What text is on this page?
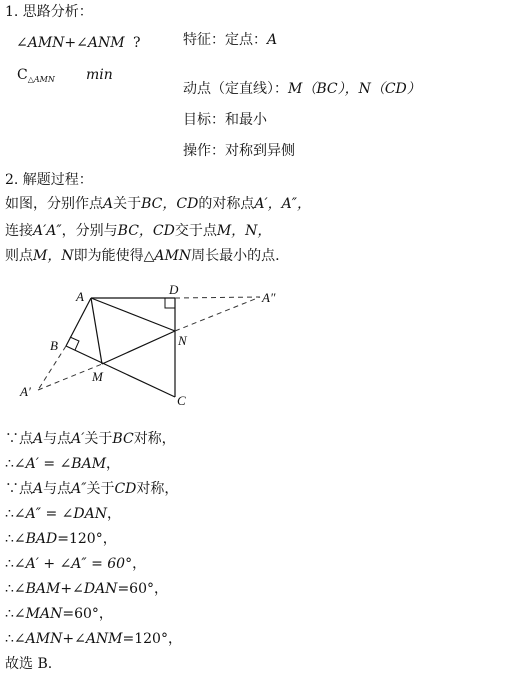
1. 思路分析：
∠AMN+∠ANM ?
$C_{\triangle AMN}$ min
特征：定点：A
动点（定直线）：M（BC），N（CD）
目标：和最小
操作：对称到异侧
2. 解题过程：
如图，分别作点A关于BC，CD的对称点A′，A″，
连接A′A″，分别与BC，CD交于点M，N，
则点M，N即为能使得△AMN周长最小的点.
A	D
A″
B	N
A′
M
C
∵点A与点A′关于BC对称，
∴∠A′ = ∠BAM，
∵点A与点A″关于CD对称，
∴∠A″ = ∠DAN，
∴∠BAD=120°，
∴∠A′ + ∠A″ = 60°，
∴∠BAM+∠DAN=60°，
∴∠MAN=60°，
∴∠AMN+∠ANM=120°，
故选 B.
